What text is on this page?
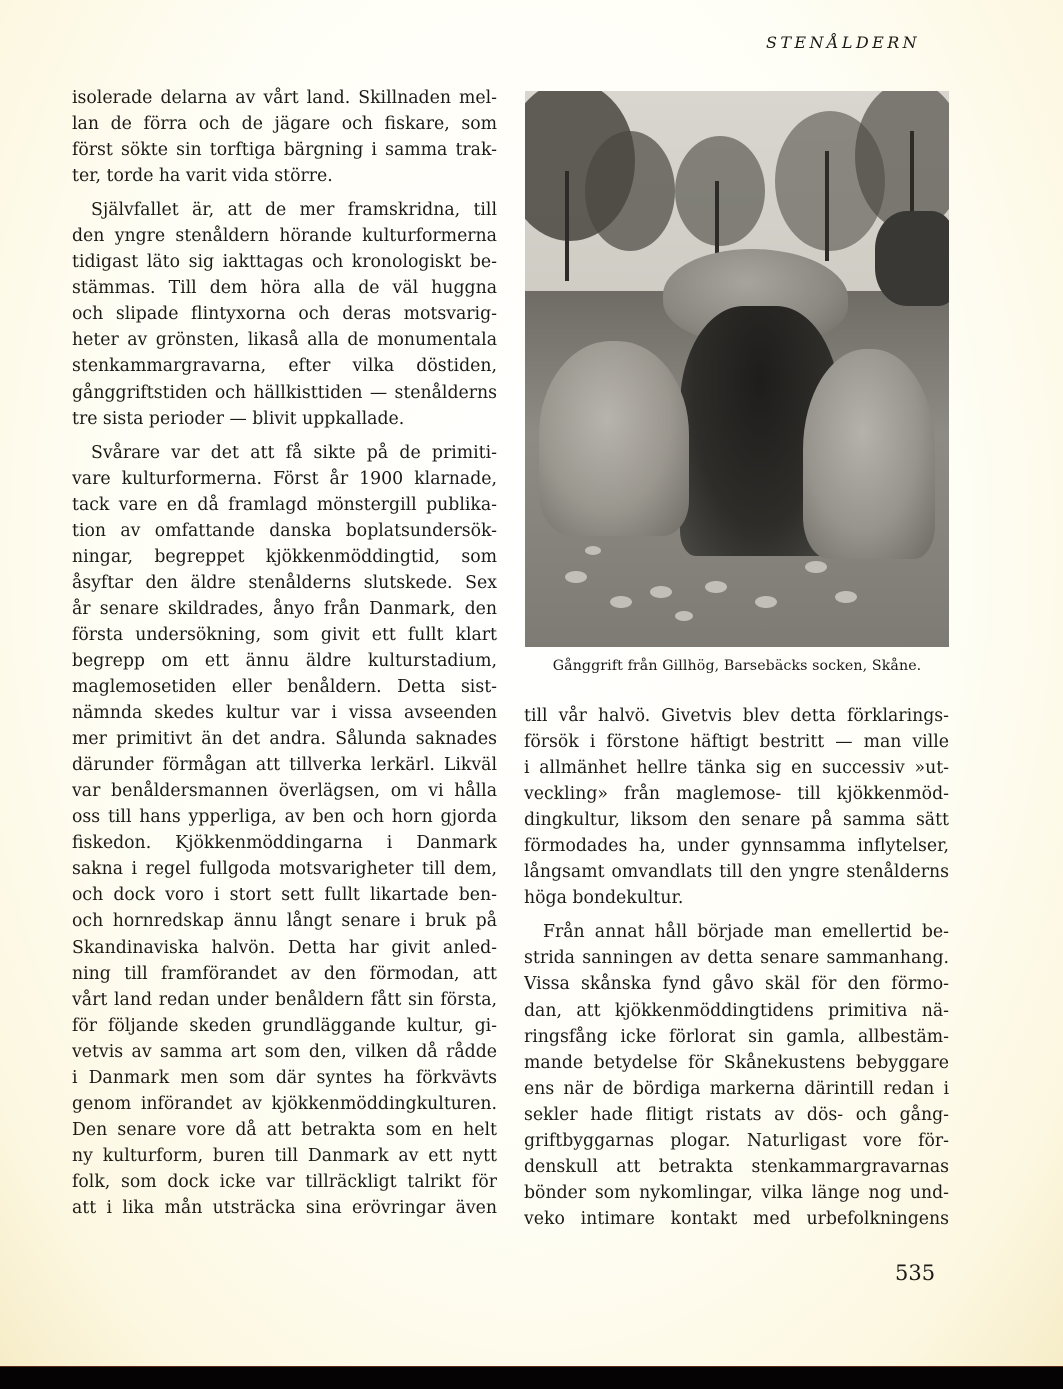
STENÅLDERN
isolerade delarna av vårt land. Skillnaden mel-
lan de förra och de jägare och fiskare, som
först sökte sin torftiga bärgning i samma trak-
ter, torde ha varit vida större.
Självfallet är, att de mer framskridna, till
den yngre stenåldern hörande kulturformerna
tidigast läto sig iakttagas och kronologiskt be-
stämmas. Till dem höra alla de väl huggna
och slipade flintyxorna och deras motsvarig-
heter av grönsten, likaså alla de monumentala
stenkammargravarna, efter vilka döstiden,
gånggriftstiden och hällkisttiden — stenålderns
tre sista perioder — blivit uppkallade.
Svårare var det att få sikte på de primiti-
vare kulturformerna. Först år 1900 klarnade,
tack vare en då framlagd mönstergill publika-
tion av omfattande danska boplatsundersök-
ningar, begreppet kjökkenmöddingtid, som
åsyftar den äldre stenålderns slutskede. Sex
år senare skildrades, ånyo från Danmark, den
första undersökning, som givit ett fullt klart
begrepp om ett ännu äldre kulturstadium,
maglemosetiden eller benåldern. Detta sist-
nämnda skedes kultur var i vissa avseenden
mer primitivt än det andra. Sålunda saknades
därunder förmågan att tillverka lerkärl. Likväl
var benåldersmannen överlägsen, om vi hålla
oss till hans ypperliga, av ben och horn gjorda
fiskedon. Kjökkenmöddingarna i Danmark
sakna i regel fullgoda motsvarigheter till dem,
och dock voro i stort sett fullt likartade ben-
och hornredskap ännu långt senare i bruk på
Skandinaviska halvön. Detta har givit anled-
ning till framförandet av den förmodan, att
vårt land redan under benåldern fått sin första,
för följande skeden grundläggande kultur, gi-
vetvis av samma art som den, vilken då rådde
i Danmark men som där syntes ha förkvävts
genom införandet av kjökkenmöddingkulturen.
Den senare vore då att betrakta som en helt
ny kulturform, buren till Danmark av ett nytt
folk, som dock icke var tillräckligt talrikt för
att i lika mån utsträcka sina erövringar även
Gånggrift från Gillhög, Barsebäcks socken, Skåne.
till vår halvö. Givetvis blev detta förklarings-
försök i förstone häftigt bestritt — man ville
i allmänhet hellre tänka sig en successiv »ut-
veckling» från maglemose- till kjökkenmöd-
dingkultur, liksom den senare på samma sätt
förmodades ha, under gynnsamma inflytelser,
långsamt omvandlats till den yngre stenålderns
höga bondekultur.
Från annat håll började man emellertid be-
strida sanningen av detta senare sammanhang.
Vissa skånska fynd gåvo skäl för den förmo-
dan, att kjökkenmöddingtidens primitiva nä-
ringsfång icke förlorat sin gamla, allbestäm-
mande betydelse för Skånekustens bebyggare
ens när de bördiga markerna därintill redan i
sekler hade flitigt ristats av dös- och gång-
griftbyggarnas plogar. Naturligast vore för-
denskull att betrakta stenkammargravarnas
bönder som nykomlingar, vilka länge nog und-
veko intimare kontakt med urbefolkningens
535
